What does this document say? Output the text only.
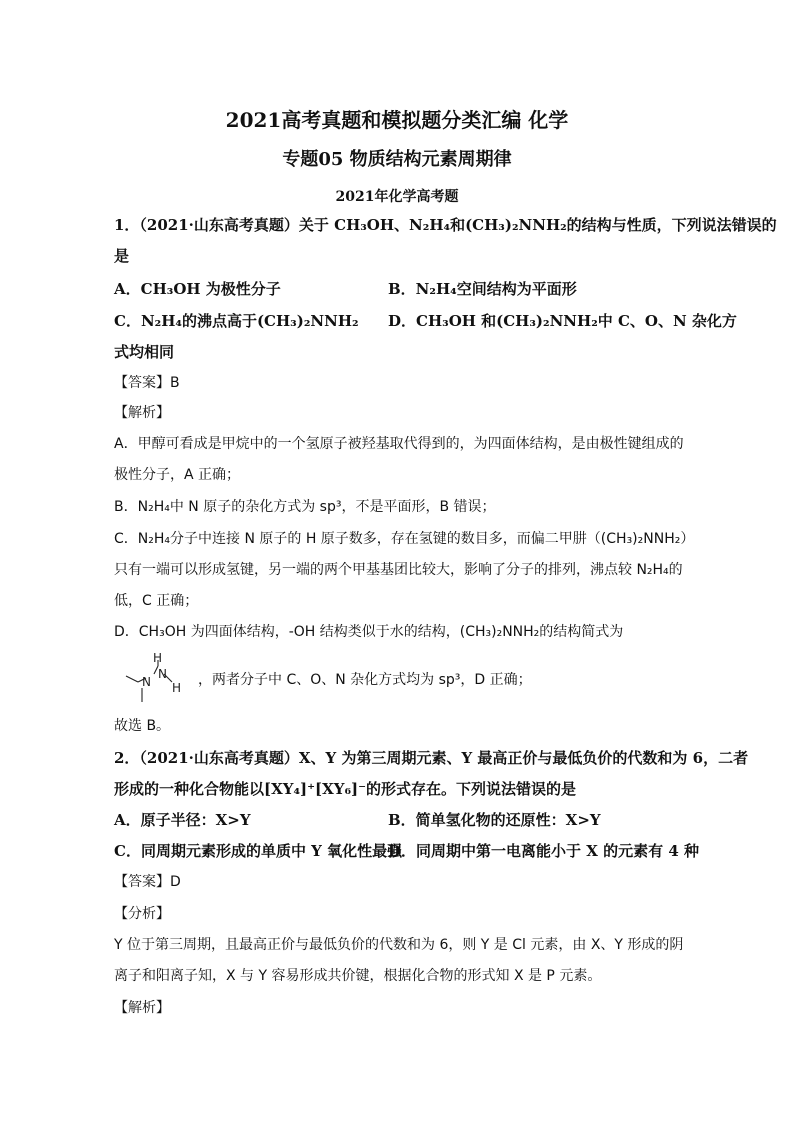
2021高考真题和模拟题分类汇编 化学
专题05 物质结构元素周期律
2021年化学高考题
1．（2021·山东高考真题）关于 CH₃OH、N₂H₄和(CH₃)₂NNH₂的结构与性质，下列说法错误的
是
A．CH₃OH 为极性分子	B．N₂H₄空间结构为平面形
C．N₂H₄的沸点高于(CH₃)₂NNH₂ D．CH₃OH 和(CH₃)₂NNH₂中 C、O、N 杂化方
式均相同
【答案】B
【解析】
A．甲醇可看成是甲烷中的一个氢原子被羟基取代得到的，为四面体结构，是由极性键组成的
极性分子，A 正确；
B．N₂H₄中 N 原子的杂化方式为 sp³，不是平面形，B 错误；
C．N₂H₄分子中连接 N 原子的 H 原子数多，存在氢键的数目多，而偏二甲肼（(CH₃)₂NNH₂）
只有一端可以形成氢键，另一端的两个甲基基团比较大，影响了分子的排列，沸点较 N₂H₄的
低，C 正确；
D．CH₃OH 为四面体结构，-OH 结构类似于水的结构，(CH₃)₂NNH₂的结构简式为
N
H
N
H ，两者分子中 C、O、N 杂化方式均为 sp³，D 正确；
故选 B。
2．（2021·山东高考真题）X、Y 为第三周期元素、Y 最高正价与最低负价的代数和为 6，二者
形成的一种化合物能以[XY₄]⁺[XY₆]⁻的形式存在。下列说法错误的是
A．原子半径：X>Y	B．简单氢化物的还原性：X>Y
C．同周期元素形成的单质中 Y 氧化性最强
D．同周期中第一电离能小于 X 的元素有 4 种
【答案】D
【分析】
Y 位于第三周期，且最高正价与最低负价的代数和为 6，则 Y 是 Cl 元素，由 X、Y 形成的阴
离子和阳离子知，X 与 Y 容易形成共价键，根据化合物的形式知 X 是 P 元素。
【解析】
